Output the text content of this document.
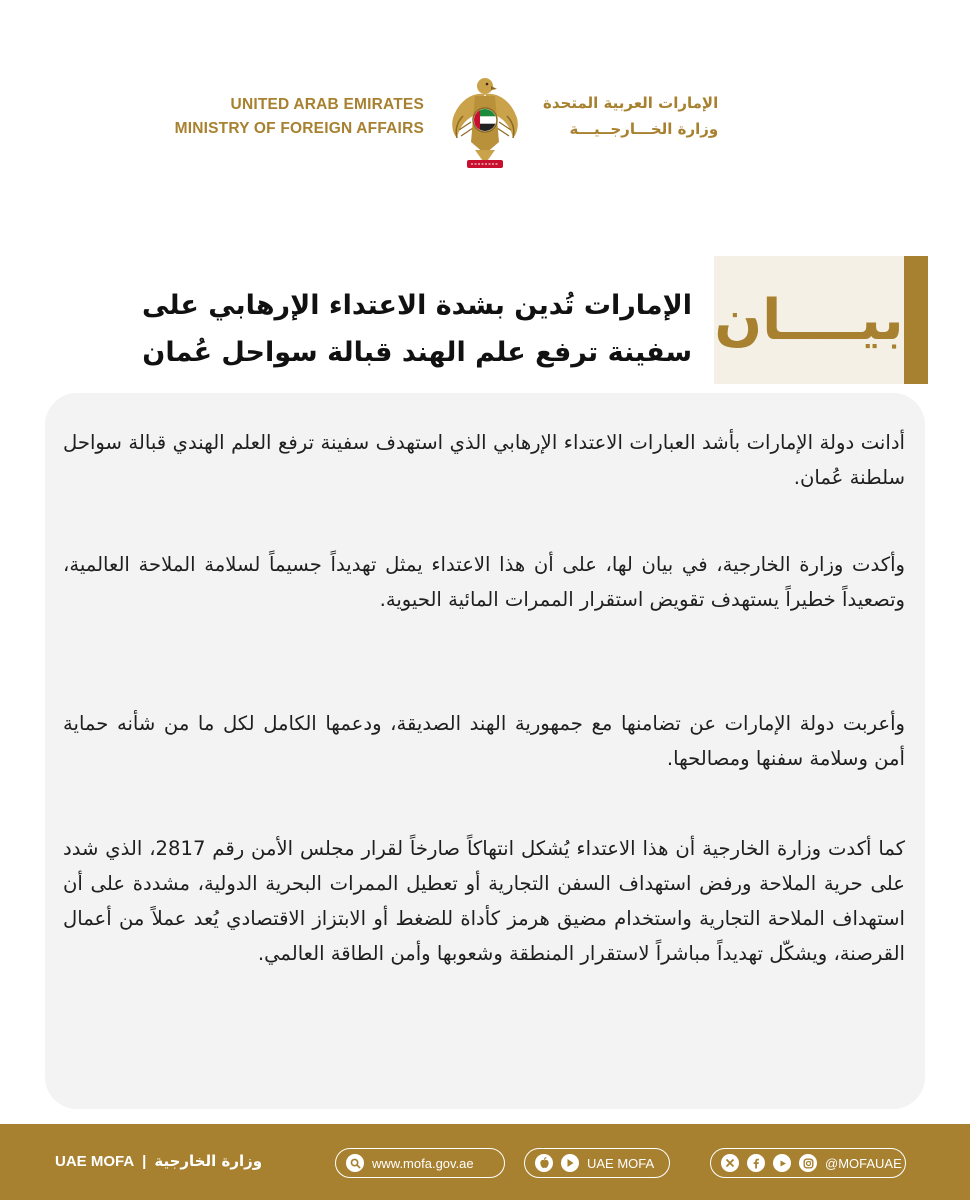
UNITED ARAB EMIRATES
MINISTRY OF FOREIGN AFFAIRS
الإمارات العربية المتحدة
وزارة الخـــارجــيـــة
بيــــان
الإمارات تُدين بشدة الاعتداء الإرهابي على
سفينة ترفع علم الهند قبالة سواحل عُمان

أدانت دولة الإمارات بأشد العبارات الاعتداء الإرهابي الذي استهدف سفينة ترفع العلم الهندي قبالة سواحل سلطنة عُمان.

وأكدت وزارة الخارجية، في بيان لها، على أن هذا الاعتداء يمثل تهديداً جسيماً لسلامة الملاحة العالمية، وتصعيداً خطيراً يستهدف تقويض استقرار الممرات المائية الحيوية.

وأعربت دولة الإمارات عن تضامنها مع جمهورية الهند الصديقة، ودعمها الكامل لكل ما من شأنه حماية أمن وسلامة سفنها ومصالحها.

كما أكدت وزارة الخارجية أن هذا الاعتداء يُشكل انتهاكاً صارخاً لقرار مجلس الأمن رقم 2817، الذي شدد على حرية الملاحة ورفض استهداف السفن التجارية أو تعطيل الممرات البحرية الدولية، مشددة على أن استهداف الملاحة التجارية واستخدام مضيق هرمز كأداة للضغط أو الابتزاز الاقتصادي يُعد عملاً من أعمال القرصنة، ويشكّل تهديداً مباشراً لاستقرار المنطقة وشعوبها وأمن الطاقة العالمي.

UAE MOFA | وزارة الخارجية	www.mofa.gov.ae	UAE MOFA	@MOFAUAE
